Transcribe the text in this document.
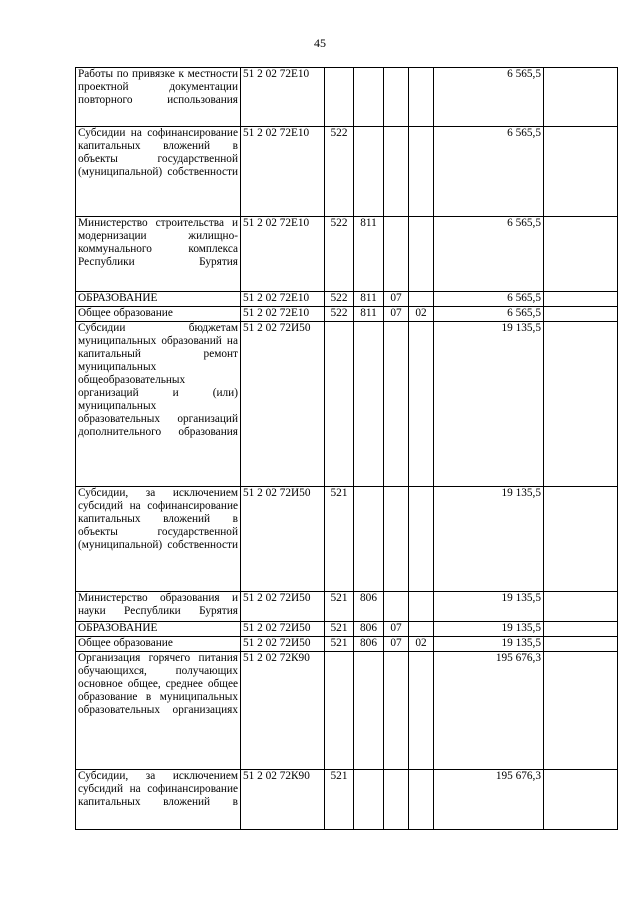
45
Работы по привязке к местности проектной документации повторного использования	51 2 02 72Е10					6 565,5	
Субсидии на софинансирование капитальных вложений в объекты государственной (муниципальной) собственности	51 2 02 72Е10	522				6 565,5	
Министерство строительства и модернизации жилищно-коммунального комплекса Республики Бурятия	51 2 02 72Е10	522	811			6 565,5	
ОБРАЗОВАНИЕ	51 2 02 72Е10	522	811	07		6 565,5	
Общее образование	51 2 02 72Е10	522	811	07	02	6 565,5	
Субсидии бюджетам муниципальных образований на капитальный ремонт муниципальных общеобразовательных организаций и (или) муниципальных образовательных организаций дополнительного образования	51 2 02 72И50					19 135,5	
Субсидии, за исключением субсидий на софинансирование капитальных вложений в объекты государственной (муниципальной) собственности	51 2 02 72И50	521				19 135,5	
Министерство образования и науки Республики Бурятия	51 2 02 72И50	521	806			19 135,5	
ОБРАЗОВАНИЕ	51 2 02 72И50	521	806	07		19 135,5	
Общее образование	51 2 02 72И50	521	806	07	02	19 135,5	
Организация горячего питания обучающихся, получающих основное общее, среднее общее образование в муниципальных образовательных организациях	51 2 02 72К90					195 676,3	
Субсидии, за исключением субсидий на софинансирование капитальных вложений в	51 2 02 72К90	521				195 676,3	
